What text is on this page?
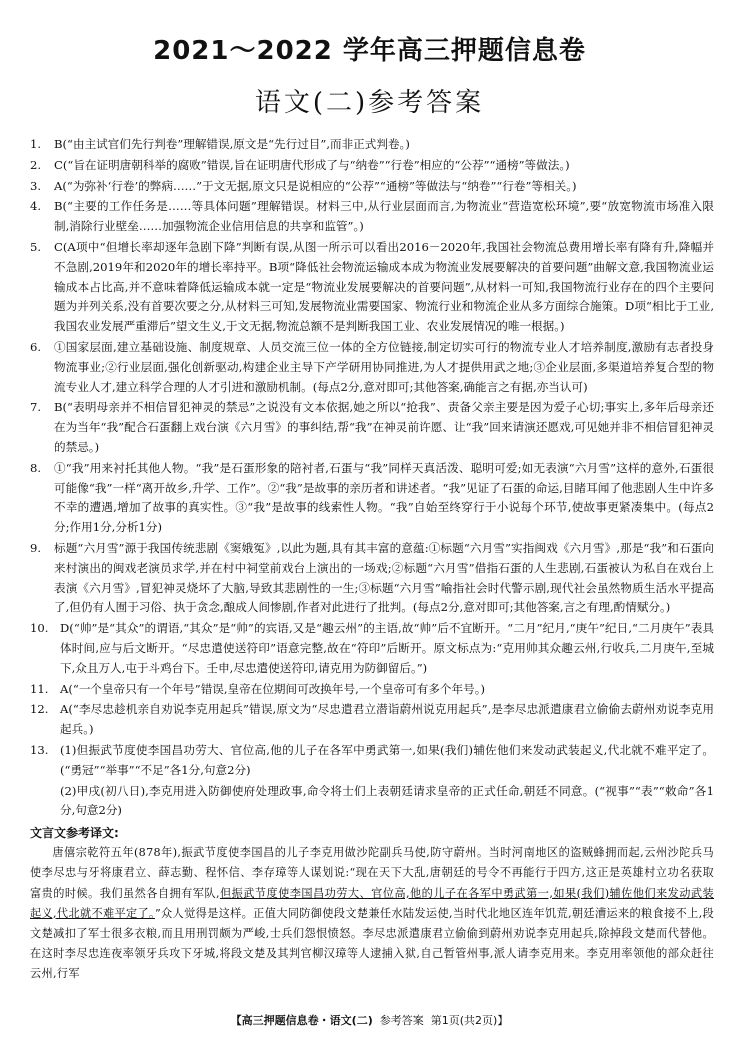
2021～2022 学年高三押题信息卷
语文(二)参考答案
1. B(“由主试官们先行判卷”理解错误,原文是“先行过目”,而非正式判卷。)
2. C(“旨在证明唐朝科举的腐败”错误,旨在证明唐代形成了与“纳卷”“行卷”相应的“公荐”“通榜”等做法。)
3. A(“为弥补‘行卷’的弊病……”于文无据,原文只是说相应的“公荐”“通榜”等做法与“纳卷”“行卷”等相关。)
4. B(“主要的工作任务是……等具体问题”理解错误。材料三中,从行业层面而言,为物流业“营造宽松环境”,要“放宽物流市场准入限制,消除行业壁垒……加强物流企业信用信息的共享和监管”。)
5. C(A项中“但增长率却逐年急剧下降”判断有误,从图一所示可以看出2016－2020年,我国社会物流总费用增长率有降有升,降幅并不急剧,2019年和2020年的增长率持平。B项“降低社会物流运输成本成为物流业发展要解决的首要问题”曲解文意,我国物流业运输成本占比高,并不意味着降低运输成本就一定是“物流业发展要解决的首要问题”,从材料一可知,我国物流行业存在的四个主要问题为并列关系,没有首要次要之分,从材料三可知,发展物流业需要国家、物流行业和物流企业从多方面综合施策。D项“相比于工业,我国农业发展严重滞后”望文生义,于文无据,物流总额不是判断我国工业、农业发展情况的唯一根据。)
6. ①国家层面,建立基础设施、制度规章、人员交流三位一体的全方位链接,制定切实可行的物流专业人才培养制度,激励有志者投身物流事业;②行业层面,强化创新驱动,构建企业主导下产学研用协同推进,为人才提供用武之地;③企业层面,多渠道培养复合型的物流专业人才,建立科学合理的人才引进和激励机制。(每点2分,意对即可;其他答案,确能言之有据,亦当认可)
7. B(“表明母亲并不相信冒犯神灵的禁忌”之说没有文本依据,她之所以“抢我”、责备父亲主要是因为爱子心切;事实上,多年后母亲还在为当年“我”配合石蛋翻上戏台演《六月雪》的事纠结,帮“我”在神灵前许愿、让“我”回来请演还愿戏,可见她并非不相信冒犯神灵的禁忌。)
8. ①“我”用来衬托其他人物。“我”是石蛋形象的陪衬者,石蛋与“我”同样天真活泼、聪明可爱;如无表演“六月雪”这样的意外,石蛋很可能像“我”一样“离开故乡,升学、工作”。②“我”是故事的亲历者和讲述者。“我”见证了石蛋的命运,目睹耳闻了他悲剧人生中许多不幸的遭遇,增加了故事的真实性。③“我”是故事的线索性人物。“我”自始至终穿行于小说每个环节,使故事更紧凑集中。(每点2分;作用1分,分析1分)
9. 标题“六月雪”源于我国传统悲剧《窦娥冤》,以此为题,具有其丰富的意蕴:①标题“六月雪”实指闽戏《六月雪》,那是“我”和石蛋向来村演出的闽戏老演员求学,并在村中祠堂前戏台上演出的一场戏;②标题“六月雪”借指石蛋的人生悲剧,石蛋被认为私自在戏台上表演《六月雪》,冒犯神灵烧坏了大脑,导致其悲剧性的一生;③标题“六月雪”喻指社会时代警示剧,现代社会虽然物质生活水平提高了,但仍有人囿于习俗、执于贪念,酿成人间惨剧,作者对此进行了批判。(每点2分,意对即可;其他答案,言之有理,酌情赋分。)
10. D(“帅”是“其众”的谓语,“其众”是“帅”的宾语,又是“趣云州”的主语,故“帅”后不宜断开。“二月”纪月,“庚午”纪日,“二月庚午”表具体时间,应与后文断开。“尽忠遣使送符印”语意完整,故在“符印”后断开。原文标点为:“克用帅其众趣云州,行收兵,二月庚午,至城下,众且万人,屯于斗鸡台下。壬申,尽忠遣使送符印,请克用为防御留后。”)
11. A(“一个皇帝只有一个年号”错误,皇帝在位期间可改换年号,一个皇帝可有多个年号。)
12. A(“李尽忠趁机亲自劝说李克用起兵”错误,原文为“尽忠遣君立潜诣蔚州说克用起兵”,是李尽忠派遣康君立偷偷去蔚州劝说李克用起兵。)
13. (1)但振武节度使李国昌功劳大、官位高,他的儿子在各军中勇武第一,如果(我们)辅佐他们来发动武装起义,代北就不难平定了。(“勇冠”“举事”“不足”各1分,句意2分)
(2)甲戌(初八日),李克用进入防御使府处理政事,命令将士们上表朝廷请求皇帝的正式任命,朝廷不同意。(“视事”“表”“敕命”各1分,句意2分)
文言文参考译文:
唐僖宗乾符五年(878年),振武节度使李国昌的儿子李克用做沙陀副兵马使,防守蔚州。当时河南地区的盗贼蜂拥而起,云州沙陀兵马使李尽忠与牙将康君立、薛志勤、程怀信、李存璋等人谋划说:“现在天下大乱,唐朝廷的号令不再能行于四方,这正是英雄村立功名获取富贵的时候。我们虽然各自拥有军队,但振武节度使李国昌功劳大、官位高,他的儿子在各军中勇武第一,如果(我们)辅佐他们来发动武装起义,代北就不难平定了。”众人觉得是这样。正值大同防御使段文楚兼任水陆发运使,当时代北地区连年饥荒,朝廷漕运来的粮食接不上,段文楚减扣了军士很多衣粮,而且用刑罚颇为严峻,士兵们怨恨愤怒。李尽忠派遣康君立偷偷到蔚州劝说李克用起兵,除掉段文楚而代替他。在这时李尽忠连夜率领牙兵攻下牙城,将段文楚及其判官柳汉璋等人逮捕入狱,自己暂管州事,派人请李克用来。李克用率领他的部众赶往云州,行军
【高三押题信息卷・语文(二) 参考答案 第1页(共2页)】
